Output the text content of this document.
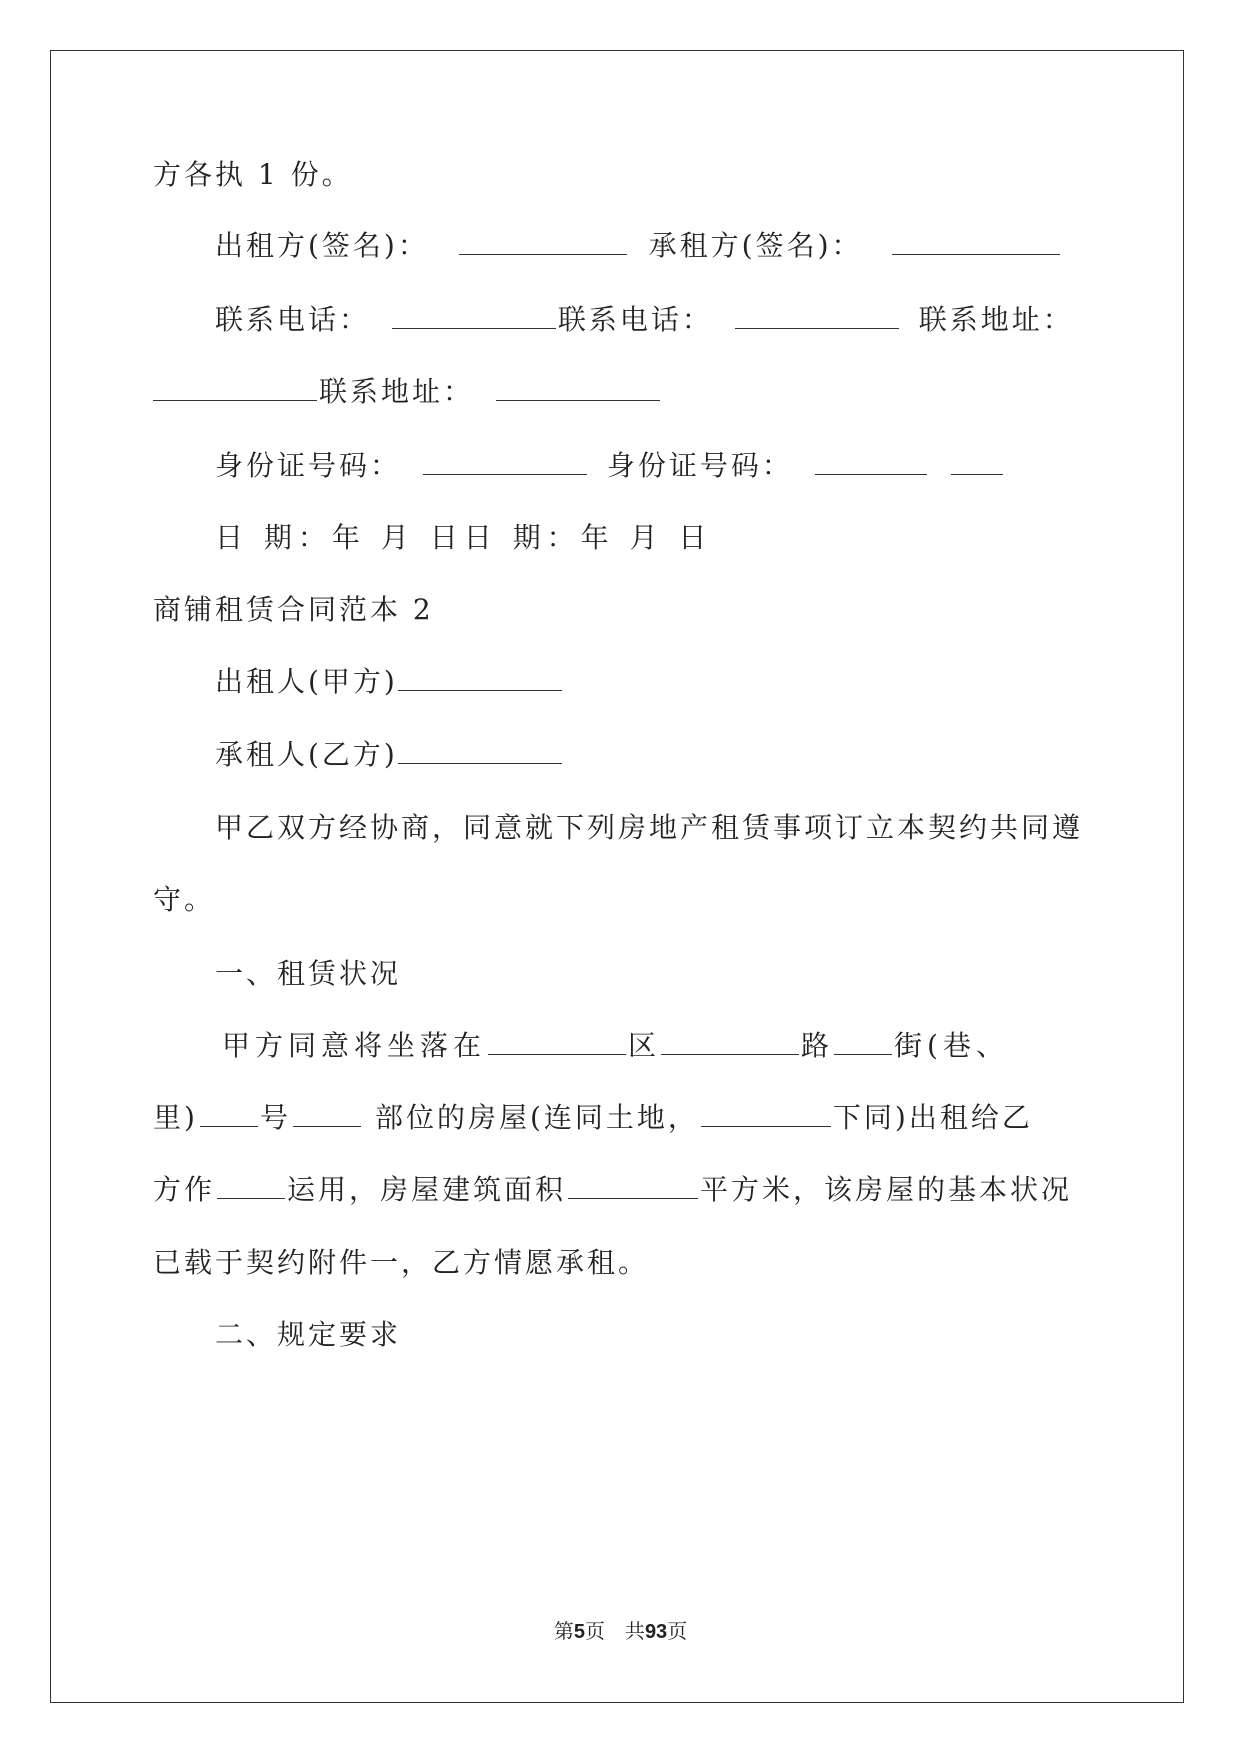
方各执 1 份。
出租方(签名)：	承租方(签名)：
联系电话：	联系电话：	联系地址：
联系地址：
身份证号码：	身份证号码：
日 期：年 月 日日 期：年 月 日
商铺租赁合同范本 2
出租人(甲方)
承租人(乙方)
甲乙双方经协商，同意就下列房地产租赁事项订立本契约共同遵
守。
一、租赁状况
甲方同意将坐落在	区	路 街(巷、
里) 号	部位的房屋(连同土地，	下同)出租给乙
方作	运用，房屋建筑面积	平方米，该房屋的基本状况
已载于契约附件一，乙方情愿承租。
二、规定要求
第5页　共93页
